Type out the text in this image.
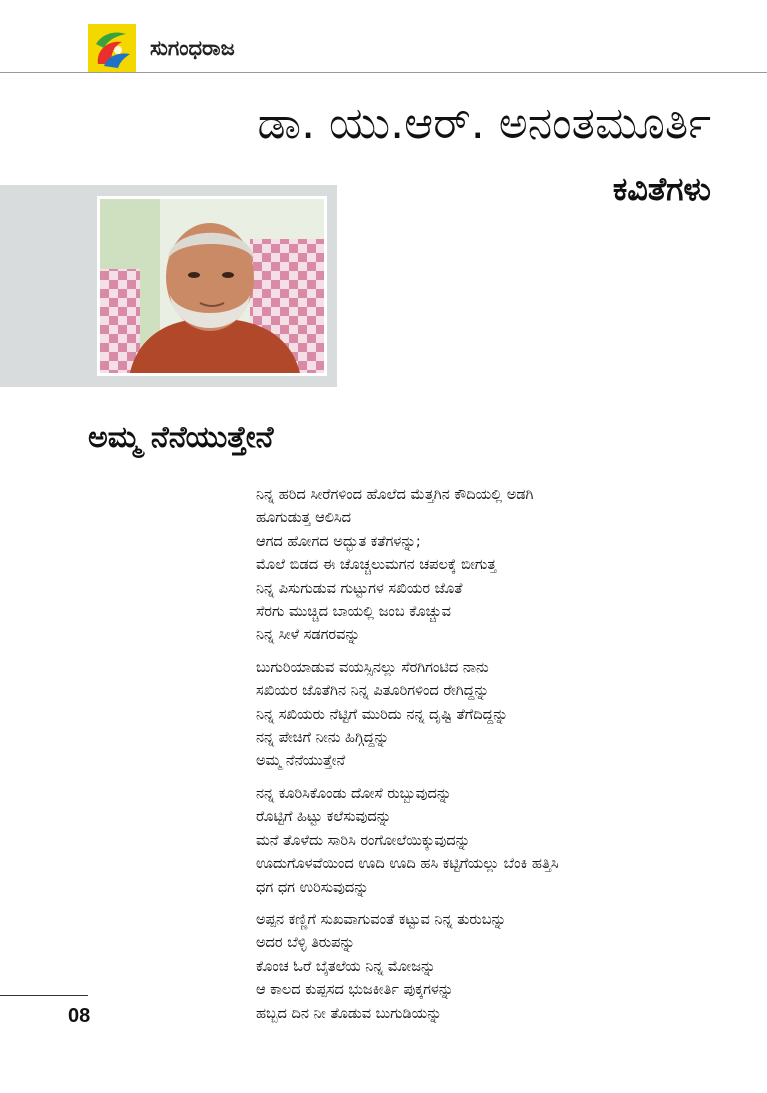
ಸುಗಂಧರಾಜ
ಡಾ. ಯು.ಆರ್. ಅನಂತಮೂರ್ತಿ
ಕವಿತೆಗಳು
ಅಮ್ಮ ನೆನೆಯುತ್ತೇನೆ
ನಿನ್ನ ಹರಿದ ಸೀರೆಗಳಿಂದ ಹೊಲೆದ ಮೆತ್ತಗಿನ ಕೌದಿಯಲ್ಲಿ ಅಡಗಿ
ಹೂಗುಡುತ್ತ ಆಲಿಸಿದ
ಆಗದ ಹೋಗದ ಅದ್ಭುತ ಕತೆಗಳನ್ನು;
ಮೊಲೆ ಬಿಡದ ಈ ಚೊಚ್ಚಲುಮಗನ ಚಪಲಕ್ಕೆ ಬೀಗುತ್ತ
ನಿನ್ನ ಪಿಸುಗುಡುವ ಗುಟ್ಟುಗಳ ಸಖಿಯರ ಜೊತೆ
ಸೆರಗು ಮುಚ್ಚಿದ ಬಾಯಲ್ಲಿ ಜಂಬ ಕೊಚ್ಚುವ
ನಿನ್ನ ಸೀಳೆ ಸಡಗರವನ್ನು
ಬುಗುರಿಯಾಡುವ ವಯಸ್ಸಿನಲ್ಲು ಸೆರಗಿಗಂಟಿದ ನಾನು
ಸಖಿಯರ ಜೊತೆಗಿನ ನಿನ್ನ ಪಿತೂರಿಗಳಿಂದ ರೇಗಿದ್ದನ್ನು
ನಿನ್ನ ಸಖಿಯರು ನೆಟ್ಟಿಗೆ ಮುರಿದು ನನ್ನ ದೃಷ್ಟಿ ತೆಗೆದಿದ್ದನ್ನು
ನನ್ನ ಪೇಚಿಗೆ ನೀನು ಹಿಗ್ಗಿದ್ದನ್ನು
ಅಮ್ಮ ನೆನೆಯುತ್ತೇನೆ
ನನ್ನ ಕೂರಿಸಿಕೊಂಡು ದೋಸೆ ರುಬ್ಬುವುದನ್ನು
ರೊಟ್ಟಿಗೆ ಹಿಟ್ಟು ಕಲೆಸುವುದನ್ನು
ಮನೆ ತೊಳೆದು ಸಾರಿಸಿ ರಂಗೋಲೆಯಿಕ್ಕುವುದನ್ನು
ಊದುಗೊಳವೆಯಿಂದ ಊದಿ ಊದಿ ಹಸಿ ಕಟ್ಟಿಗೆಯಲ್ಲು ಬೆಂಕಿ ಹತ್ತಿಸಿ
ಧಗ ಧಗ ಉರಿಸುವುದನ್ನು
ಅಪ್ಪನ ಕಣ್ಣಿಗೆ ಸುಖವಾಗುವಂತೆ ಕಟ್ಟುವ ನಿನ್ನ ತುರುಬನ್ನು
ಅದರ ಬೆಳ್ಳಿ ತಿರುಪನ್ನು
ಕೊಂಚ ಓರೆ ಬೈತಲೆಯ ನಿನ್ನ ಮೋಜನ್ನು
ಆ ಕಾಲದ ಕುಪ್ಪಸದ ಭುಜಕೀರ್ತಿ ಪುಕ್ಕಗಳನ್ನು
ಹಬ್ಬದ ದಿನ ನೀ ತೊಡುವ ಬುಗುಡಿಯನ್ನು
08
